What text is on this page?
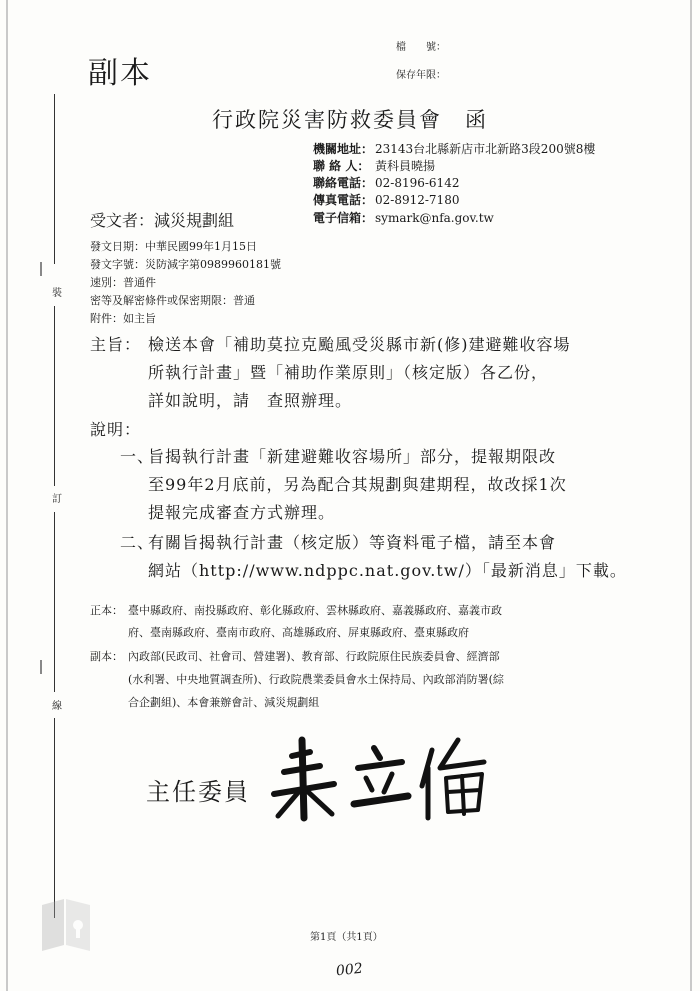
裝
訂
線
副本
檔　　號：
保存年限：
行政院災害防救委員會　函
機關地址： 23143台北縣新店市北新路3段200號8樓
聯 絡 人： 黃科員曉揚
聯絡電話： 02-8196-6142
傳真電話： 02-8912-7180
電子信箱： symark@nfa.gov.tw
受文者：減災規劃組
發文日期：中華民國99年1月15日
發文字號：災防減字第0989960181號
速別：普通件
密等及解密條件或保密期限：普通
附件：如主旨
主旨： 檢送本會「補助莫拉克颱風受災縣市新(修)建避難收容場
所執行計畫」暨「補助作業原則」（核定版）各乙份，
詳如說明，請　查照辦理。
說明：
一、
旨揭執行計畫「新建避難收容場所」部分，提報期限改
至99年2月底前，另為配合其規劃與建期程，故改採1次
提報完成審查方式辦理。
二、
有關旨揭執行計畫（核定版）等資料電子檔，請至本會
網站（http://www.ndppc.nat.gov.tw/）「最新消息」下載。
正本： 臺中縣政府、南投縣政府、彰化縣政府、雲林縣政府、嘉義縣政府、嘉義市政
府、臺南縣政府、臺南市政府、高雄縣政府、屏東縣政府、臺東縣政府
副本： 內政部(民政司、社會司、營建署)、教育部、行政院原住民族委員會、經濟部
(水利署、中央地質調查所)、行政院農業委員會水土保持局、內政部消防署(綜
合企劃組)、本會兼辦會計、減災規劃組
主任委員
第1頁（共1頁）
002
